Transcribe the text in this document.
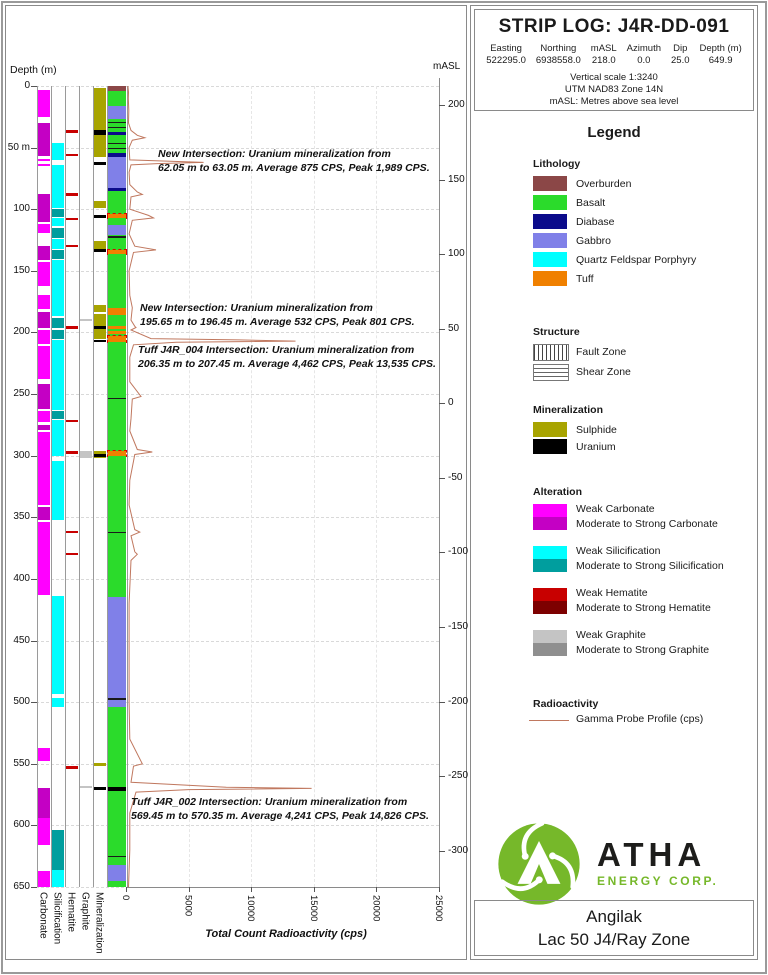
Depth (m)
0
50 m
100
150
200
250
300
350
400
450
500
550
600
650
mASL
200
150
100
50
0
-50
-100
-150
-200
-250
-300
0	5000	10000	15000	20000	25000
Total Count Radioactivity (cps)
Carbonate Silicification Hematite Graphite Mineralization
New Intersection: Uranium mineralization from
62.05 m to 63.05 m. Average 875 CPS, Peak 1,989 CPS.
New Intersection: Uranium mineralization from
195.65 m to 196.45 m. Average 532 CPS, Peak 801 CPS.
Tuff J4R_004 Intersection: Uranium mineralization from
206.35 m to 207.45 m. Average 4,462 CPS, Peak 13,535 CPS.
Tuff J4R_002 Intersection: Uranium mineralization from
569.45 m to 570.35 m. Average 4,241 CPS, Peak 14,826 CPS.
STRIP LOG: J4R-DD-091
Easting
522295.0
Northing
6938558.0
mASL
218.0
Azimuth
0.0
Dip
25.0
Depth (m)
649.9
Vertical scale 1:3240
UTM NAD83 Zone 14N
mASL: Metres above sea level
Legend
Lithology
Overburden
Basalt
Diabase
Gabbro
Quartz Feldspar Porphyry
Tuff
Structure
Fault Zone
Shear Zone
Mineralization
Sulphide
Uranium
Alteration
Weak Carbonate
Moderate to Strong Carbonate
Weak Silicification
Moderate to Strong Silicification
Weak Hematite
Moderate to Strong Hematite
Weak Graphite
Moderate to Strong Graphite
Radioactivity
Gamma Probe Profile (cps)
ATHA
ENERGY CORP.
Angilak
Lac 50 J4/Ray Zone
